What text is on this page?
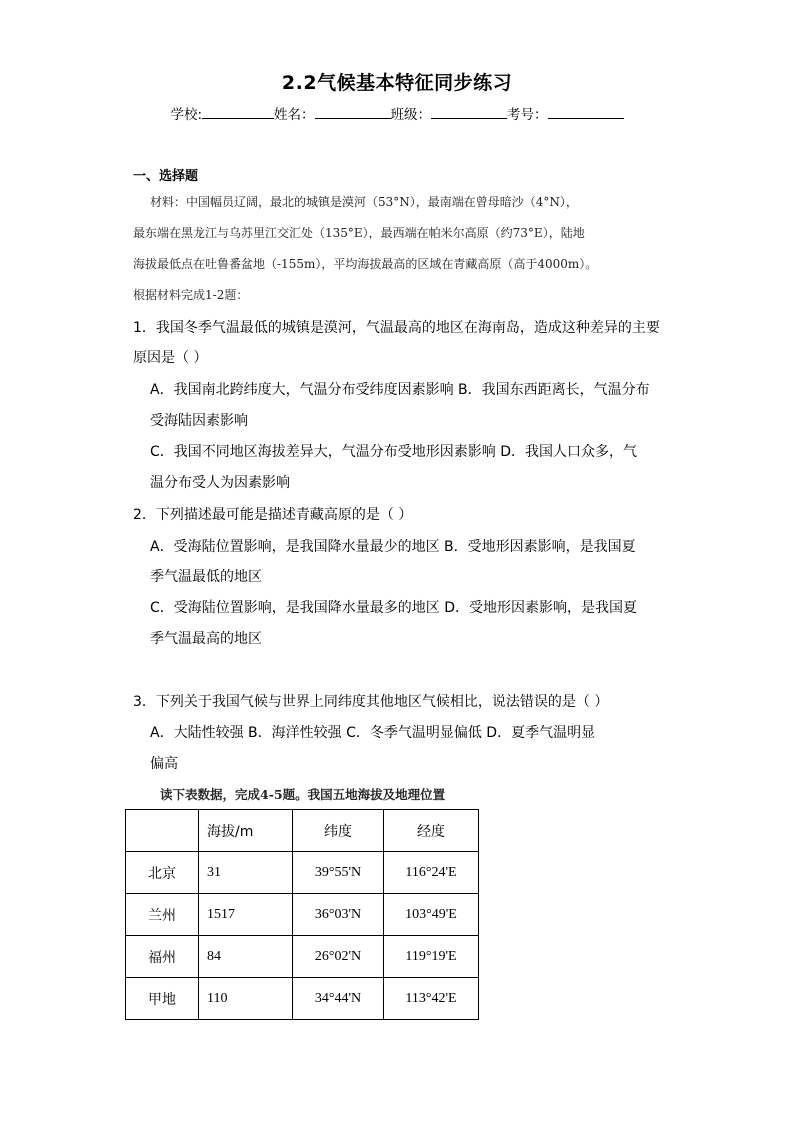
2.2气候基本特征同步练习
学校:	姓名：	班级：	考号：
一、选择题
材料：中国幅员辽阔，最北的城镇是漠河（53°N），最南端在曾母暗沙（4°N），
最东端在黑龙江与乌苏里江交汇处（135°E），最西端在帕米尔高原（约73°E），陆地
海拔最低点在吐鲁番盆地（-155m），平均海拔最高的区域在青藏高原（高于4000m）。
根据材料完成1-2题：
1．我国冬季气温最低的城镇是漠河，气温最高的地区在海南岛，造成这种差异的主要
原因是（ ）
A．我国南北跨纬度大，气温分布受纬度因素影响 B．我国东西距离长，气温分布
受海陆因素影响
C．我国不同地区海拔差异大，气温分布受地形因素影响 D．我国人口众多，气
温分布受人为因素影响
2．下列描述最可能是描述青藏高原的是（ ）
A．受海陆位置影响，是我国降水量最少的地区 B．受地形因素影响，是我国夏
季气温最低的地区
C．受海陆位置影响，是我国降水量最多的地区 D．受地形因素影响，是我国夏
季气温最高的地区
3．下列关于我国气候与世界上同纬度其他地区气候相比，说法错误的是（ ）
A．大陆性较强 B．海洋性较强 C．冬季气温明显偏低 D．夏季气温明显
偏高
读下表数据，完成4-5题。我国五地海拔及地理位置
	海拔/m	纬度	经度
北京	31	39°55'N	116°24'E
兰州	1517	36°03'N	103°49'E
福州	84	26°02'N	119°19'E
甲地	110	34°44'N	113°42'E
